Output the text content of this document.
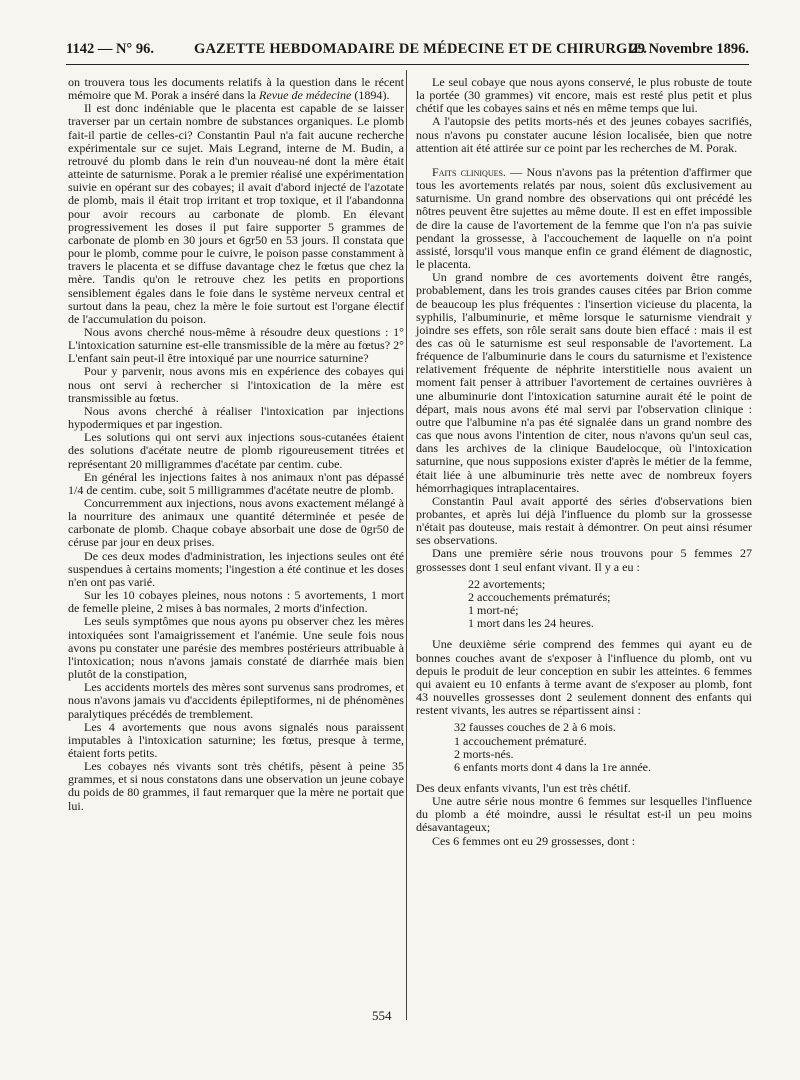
1142 — N° 96.	GAZETTE HEBDOMADAIRE DE MÉDECINE ET DE CHIRURGIE.
29 Novembre 1896.

on trouvera tous les documents relatifs à la question dans le récent mémoire que M. Porak a inséré dans la Revue de médecine (1894).

Il est donc indéniable que le placenta est capable de se laisser traverser par un certain nombre de substances organiques. Le plomb fait-il partie de celles-ci? Constantin Paul n'a fait aucune recherche expérimentale sur ce sujet. Mais Legrand, interne de M. Budin, a retrouvé du plomb dans le rein d'un nouveau-né dont la mère était atteinte de saturnisme. Porak a le premier réalisé une expérimentation suivie en opérant sur des cobayes; il avait d'abord injecté de l'azotate de plomb, mais il était trop irritant et trop toxique, et il l'abandonna pour avoir recours au carbonate de plomb. En élevant progressivement les doses il put faire supporter 5 grammes de carbonate de plomb en 30 jours et 6gr50 en 53 jours. Il constata que pour le plomb, comme pour le cuivre, le poison passe constamment à travers le placenta et se diffuse davantage chez le fœtus que chez la mère. Tandis qu'on le retrouve chez les petits en proportions sensiblement égales dans le foie dans le système nerveux central et surtout dans la peau, chez la mère le foie surtout est l'organe électif de l'accumulation du poison.

Nous avons cherché nous-même à résoudre deux questions : 1° L'intoxication saturnine est-elle transmissible de la mère au fœtus? 2° L'enfant sain peut-il être intoxiqué par une nourrice saturnine?

Pour y parvenir, nous avons mis en expérience des cobayes qui nous ont servi à rechercher si l'intoxication de la mère est transmissible au fœtus.

Nous avons cherché à réaliser l'intoxication par injections hypodermiques et par ingestion.

Les solutions qui ont servi aux injections sous-cutanées étaient des solutions d'acétate neutre de plomb rigoureusement titrées et représentant 20 milligrammes d'acétate par centim. cube.

En général les injections faites à nos animaux n'ont pas dépassé 1/4 de centim. cube, soit 5 milligrammes d'acétate neutre de plomb.

Concurremment aux injections, nous avons exactement mélangé à la nourriture des animaux une quantité déterminée et pesée de carbonate de plomb. Chaque cobaye absorbait une dose de 0gr50 de céruse par jour en deux prises.

De ces deux modes d'administration, les injections seules ont été suspendues à certains moments; l'ingestion a été continue et les doses n'en ont pas varié.

Sur les 10 cobayes pleines, nous notons : 5 avortements, 1 mort de femelle pleine, 2 mises à bas normales, 2 morts d'infection.

Les seuls symptômes que nous ayons pu observer chez les mères intoxiquées sont l'amaigrissement et l'anémie. Une seule fois nous avons pu constater une parésie des membres postérieurs attribuable à l'intoxication; nous n'avons jamais constaté de diarrhée mais bien plutôt de la constipation,

Les accidents mortels des mères sont survenus sans prodromes, et nous n'avons jamais vu d'accidents épileptiformes, ni de phénomènes paralytiques précédés de tremblement.

Les 4 avortements que nous avons signalés nous paraissent imputables à l'intoxication saturnine; les fœtus, presque à terme, étaient forts petits.

Les cobayes nés vivants sont très chétifs, pèsent à peine 35 grammes, et si nous constatons dans une observation un jeune cobaye du poids de 80 grammes, il faut remarquer que la mère ne portait que lui.

Le seul cobaye que nous ayons conservé, le plus robuste de toute la portée (30 grammes) vit encore, mais est resté plus petit et plus chétif que les cobayes sains et nés en même temps que lui.

A l'autopsie des petits morts-nés et des jeunes cobayes sacrifiés, nous n'avons pu constater aucune lésion localisée, bien que notre attention ait été attirée sur ce point par les recherches de M. Porak.

Faits cliniques. — Nous n'avons pas la prétention d'affirmer que tous les avortements relatés par nous, soient dûs exclusivement au saturnisme. Un grand nombre des observations qui ont précédé les nôtres peuvent être sujettes au même doute. Il est en effet impossible de dire la cause de l'avortement de la femme que l'on n'a pas suivie pendant la grossesse, à l'accouchement de laquelle on n'a point assisté, lorsqu'il vous manque enfin ce grand élément de diagnostic, le placenta.

Un grand nombre de ces avortements doivent être rangés, probablement, dans les trois grandes causes citées par Brion comme de beaucoup les plus fréquentes : l'insertion vicieuse du placenta, la syphilis, l'albuminurie, et même lorsque le saturnisme viendrait y joindre ses effets, son rôle serait sans doute bien effacé : mais il est des cas où le saturnisme est seul responsable de l'avortement. La fréquence de l'albuminurie dans le cours du saturnisme et l'existence relativement fréquente de néphrite interstitielle nous avaient un moment fait penser à attribuer l'avortement de certaines ouvrières à une albuminurie dont l'intoxication saturnine aurait été le point de départ, mais nous avons été mal servi par l'observation clinique : outre que l'albumine n'a pas été signalée dans un grand nombre des cas que nous avons l'intention de citer, nous n'avons qu'un seul cas, dans les archives de la clinique Baudelocque, où l'intoxication saturnine, que nous supposions exister d'après le métier de la femme, était liée à une albuminurie très nette avec de nombreux foyers hémorrhagiques intraplacentaires.

Constantin Paul avait apporté des séries d'observations bien probantes, et après lui déjà l'influence du plomb sur la grossesse n'était pas douteuse, mais restait à démontrer. On peut ainsi résumer ses observations.

Dans une première série nous trouvons pour 5 femmes 27 grossesses dont 1 seul enfant vivant. Il y a eu :

22 avortements;
2 accouchements prématurés;
1 mort-né;
1 mort dans les 24 heures.

Une deuxième série comprend des femmes qui ayant eu de bonnes couches avant de s'exposer à l'influence du plomb, ont vu depuis le produit de leur conception en subir les atteintes. 6 femmes qui avaient eu 10 enfants à terme avant de s'exposer au plomb, font 43 nouvelles grossesses dont 2 seulement donnent des enfants qui restent vivants, les autres se répartissent ainsi :

32 fausses couches de 2 à 6 mois.
1 accouchement prématuré.
2 morts-nés.
6 enfants morts dont 4 dans la 1re année.

Des deux enfants vivants, l'un est très chétif.

Une autre série nous montre 6 femmes sur lesquelles l'influence du plomb a été moindre, aussi le résultat est-il un peu moins désavantageux;

Ces 6 femmes ont eu 29 grossesses, dont :

554
